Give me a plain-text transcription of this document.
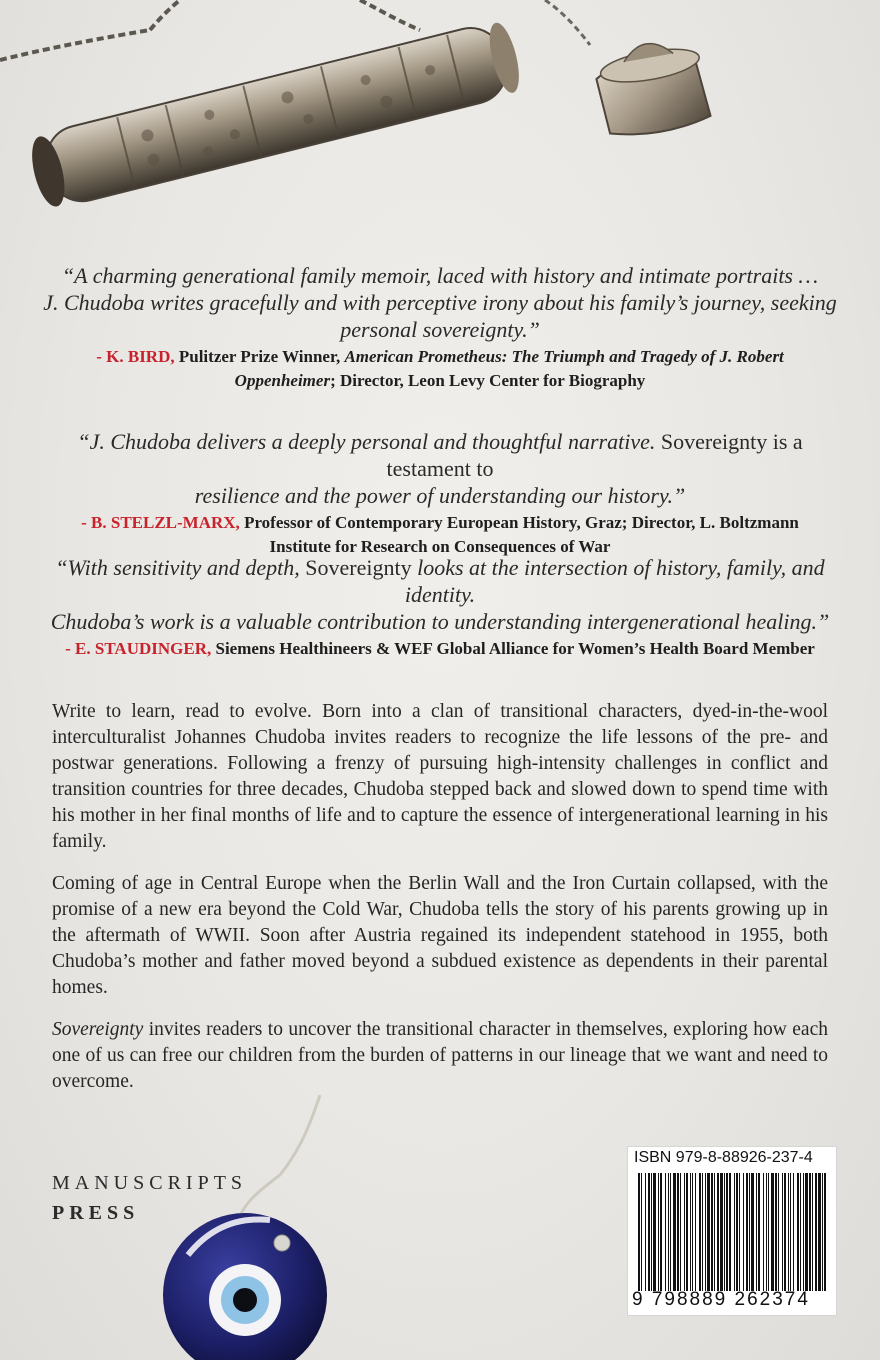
“A charming generational family memoir, laced with history and intimate portraits …
J. Chudoba writes gracefully and with perceptive irony about his family’s journey, seeking
personal sovereignty.”

- K. BIRD, Pulitzer Prize Winner, American Prometheus: The Triumph and Tragedy of J. Robert
Oppenheimer; Director, Leon Levy Center for Biography

“J. Chudoba delivers a deeply personal and thoughtful narrative. Sovereignty is a testament to
resilience and the power of understanding our history.”

- B. STELZL-MARX, Professor of Contemporary European History, Graz; Director, L. Boltzmann
Institute for Research on Consequences of War

“With sensitivity and depth, Sovereignty looks at the intersection of history, family, and identity.
Chudoba’s work is a valuable contribution to understanding intergenerational healing.”

- E. STAUDINGER, Siemens Healthineers & WEF Global Alliance for Women’s Health Board Member

Write to learn, read to evolve. Born into a clan of transitional characters, dyed-in-the-wool interculturalist Johannes Chudoba invites readers to recognize the life lessons of the pre- and postwar generations. Following a frenzy of pursuing high-intensity challenges in conflict and transition countries for three decades, Chudoba stepped back and slowed down to spend time with his mother in her final months of life and to capture the essence of intergenerational learning in his family.

Coming of age in Central Europe when the Berlin Wall and the Iron Curtain collapsed, with the promise of a new era beyond the Cold War, Chudoba tells the story of his parents growing up in the aftermath of WWII. Soon after Austria regained its independent statehood in 1955, both Chudoba’s mother and father moved beyond a subdued existence as dependents in their parental homes.

Sovereignty invites readers to uncover the transitional character in themselves, exploring how each one of us can free our children from the burden of patterns in our lineage that we want and need to overcome.

MANUSCRIPTS
PRESS
ISBN 979-8-88926-237-4
9 798889 262374
